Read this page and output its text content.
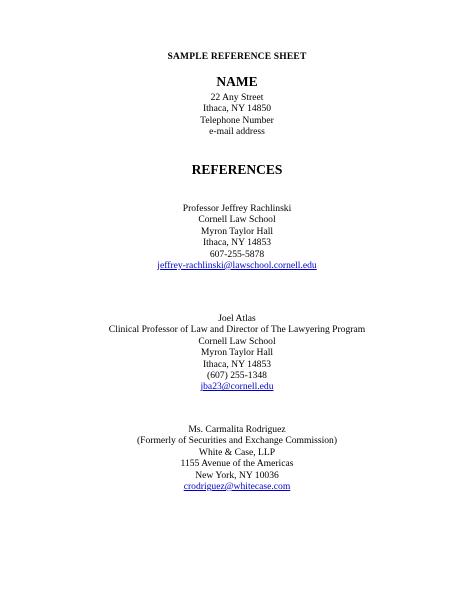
SAMPLE REFERENCE SHEET
NAME
22 Any Street
Ithaca, NY 14850
Telephone Number
e-mail address
REFERENCES
Professor Jeffrey Rachlinski
Cornell Law School
Myron Taylor Hall
Ithaca, NY 14853
607-255-5878
jeffrey-rachlinski@lawschool.cornell.edu
Joel Atlas
Clinical Professor of Law and Director of The Lawyering Program
Cornell Law School
Myron Taylor Hall
Ithaca, NY 14853
(607) 255-1348
jba23@cornell.edu
Ms. Carmalita Rodriguez
(Formerly of Securities and Exchange Commission)
White & Case, LLP
1155 Avenue of the Americas
New York, NY 10036
crodriguez@whitecase.com
